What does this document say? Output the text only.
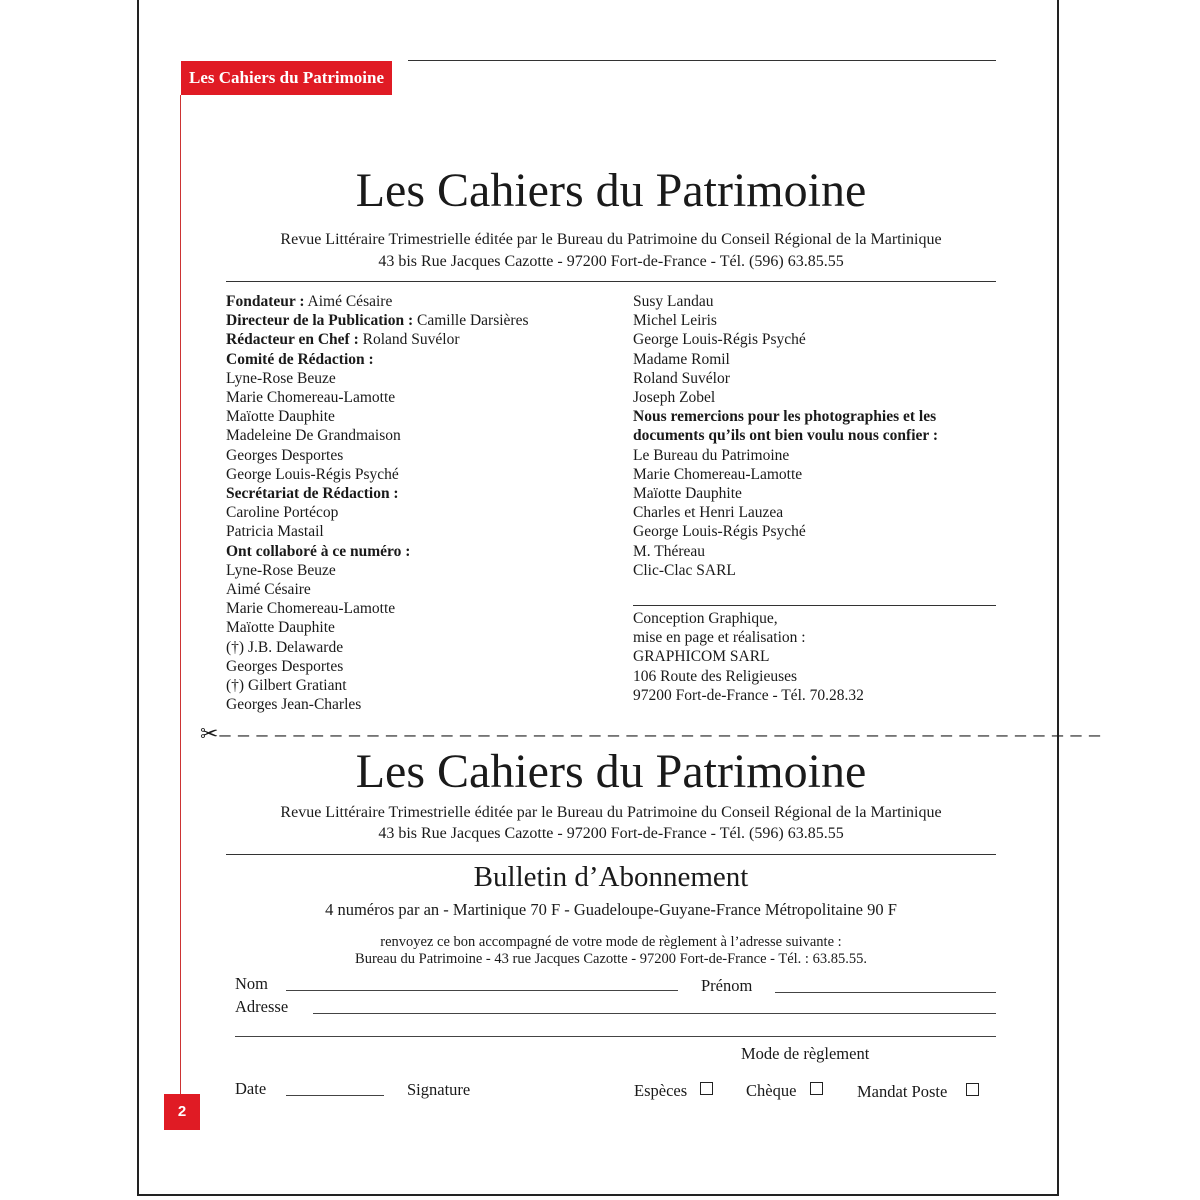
Les Cahiers du Patrimoine
Les Cahiers du Patrimoine
Revue Littéraire Trimestrielle éditée par le Bureau du Patrimoine du Conseil Régional de la Martinique
43 bis Rue Jacques Cazotte - 97200 Fort-de-France - Tél. (596) 63.85.55
Fondateur : Aimé Césaire
Directeur de la Publication : Camille Darsières
Rédacteur en Chef : Roland Suvélor
Comité de Rédaction :
Lyne-Rose Beuze
Marie Chomereau-Lamotte
Maïotte Dauphite
Madeleine De Grandmaison
Georges Desportes
George Louis-Régis Psyché
Secrétariat de Rédaction :
Caroline Portécop
Patricia Mastail
Ont collaboré à ce numéro :
Lyne-Rose Beuze
Aimé Césaire
Marie Chomereau-Lamotte
Maïotte Dauphite
(†) J.B. Delawarde
Georges Desportes
(†) Gilbert Gratiant
Georges Jean-Charles
Susy Landau
Michel Leiris
George Louis-Régis Psyché
Madame Romil
Roland Suvélor
Joseph Zobel
Nous remercions pour les photographies et les documents qu’ils ont bien voulu nous confier :
Le Bureau du Patrimoine
Marie Chomereau-Lamotte
Maïotte Dauphite
Charles et Henri Lauzea
George Louis-Régis Psyché
M. Théreau
Clic-Clac SARL
Conception Graphique,
mise en page et réalisation :
GRAPHICOM SARL
106 Route des Religieuses
97200 Fort-de-France - Tél. 70.28.32
✂– – – – – – – – – – – – – – – – – – – – – – – – – – – – – – – – – – – – – – – – – – – – – – – –
Les Cahiers du Patrimoine
Revue Littéraire Trimestrielle éditée par le Bureau du Patrimoine du Conseil Régional de la Martinique
43 bis Rue Jacques Cazotte - 97200 Fort-de-France - Tél. (596) 63.85.55
Bulletin d’Abonnement
4 numéros par an - Martinique 70 F - Guadeloupe-Guyane-France Métropolitaine 90 F
renvoyez ce bon accompagné de votre mode de règlement à l’adresse suivante :
Bureau du Patrimoine - 43 rue Jacques Cazotte - 97200 Fort-de-France - Tél. : 63.85.55.
Nom	Prénom
Adresse
Mode de règlement
Date	Signature	Espèces	Chèque	Mandat Poste
2
